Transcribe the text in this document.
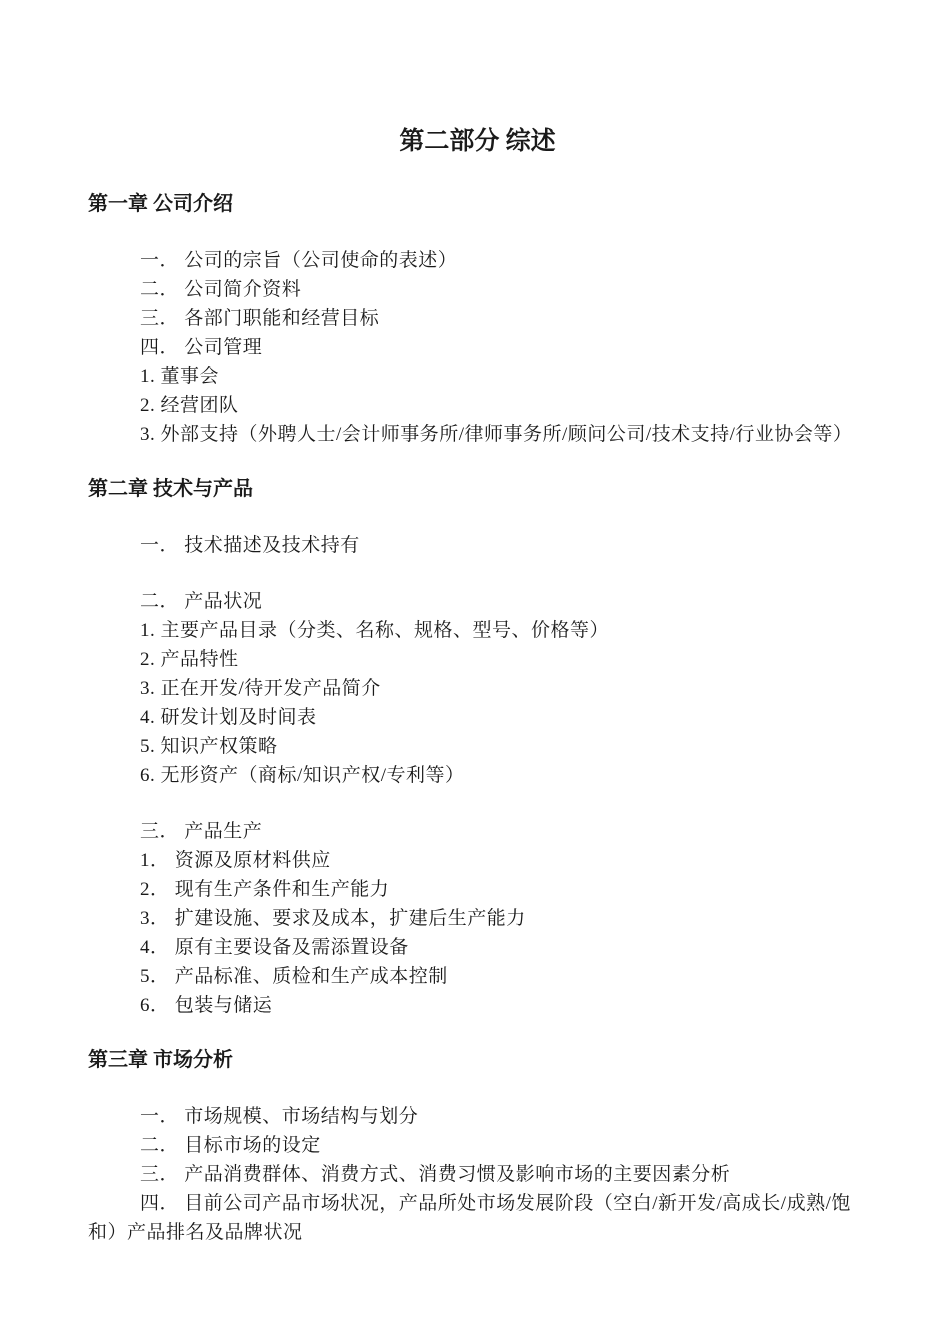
第二部分 综述
第一章 公司介绍

一． 公司的宗旨（公司使命的表述）

二． 公司简介资料

三． 各部门职能和经营目标

四． 公司管理

1. 董事会

2. 经营团队

3. 外部支持（外聘人士/会计师事务所/律师事务所/顾问公司/技术支持/行业协会等）

第二章 技术与产品

一． 技术描述及技术持有

二． 产品状况

1. 主要产品目录（分类、名称、规格、型号、价格等）

2. 产品特性

3. 正在开发/待开发产品简介

4. 研发计划及时间表

5. 知识产权策略

6. 无形资产（商标/知识产权/专利等）

三． 产品生产

1． 资源及原材料供应

2． 现有生产条件和生产能力

3． 扩建设施、要求及成本，扩建后生产能力

4． 原有主要设备及需添置设备

5． 产品标准、质检和生产成本控制

6． 包装与储运

第三章 市场分析

一． 市场规模、市场结构与划分

二． 目标市场的设定

三． 产品消费群体、消费方式、消费习惯及影响市场的主要因素分析

四． 目前公司产品市场状况，产品所处市场发展阶段（空白/新开发/高成长/成熟/饱和）产品排名及品牌状况
